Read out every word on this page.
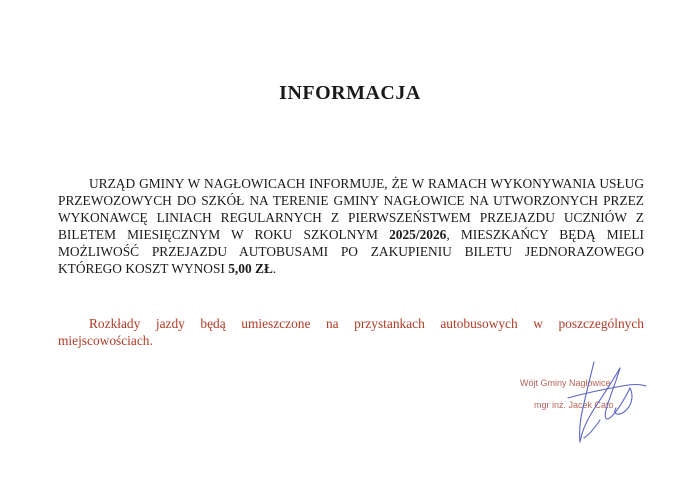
INFORMACJA
URZĄD GMINY W NAGŁOWICACH INFORMUJE, ŻE W RAMACH WYKONYWANIA USŁUG PRZEWOZOWYCH DO SZKÓŁ NA TERENIE GMINY NAGŁOWICE NA UTWORZONYCH PRZEZ WYKONAWCĘ LINIACH REGULARNYCH Z PIERWSZEŃSTWEM PRZEJAZDU UCZNIÓW Z BILETEM MIESIĘCZNYM W ROKU SZKOLNYM 2025/2026, MIESZKAŃCY BĘDĄ MIELI MOŻLIWOŚĆ PRZEJAZDU AUTOBUSAMI PO ZAKUPIENIU BILETU JEDNORAZOWEGO KTÓREGO KOSZT WYNOSI 5,00 ZŁ.
Rozkłady jazdy będą umieszczone na przystankach autobusowych w poszczególnych miejscowościach.
Wójt Gminy Nagłowice
mgr inż. Jacek Cato
